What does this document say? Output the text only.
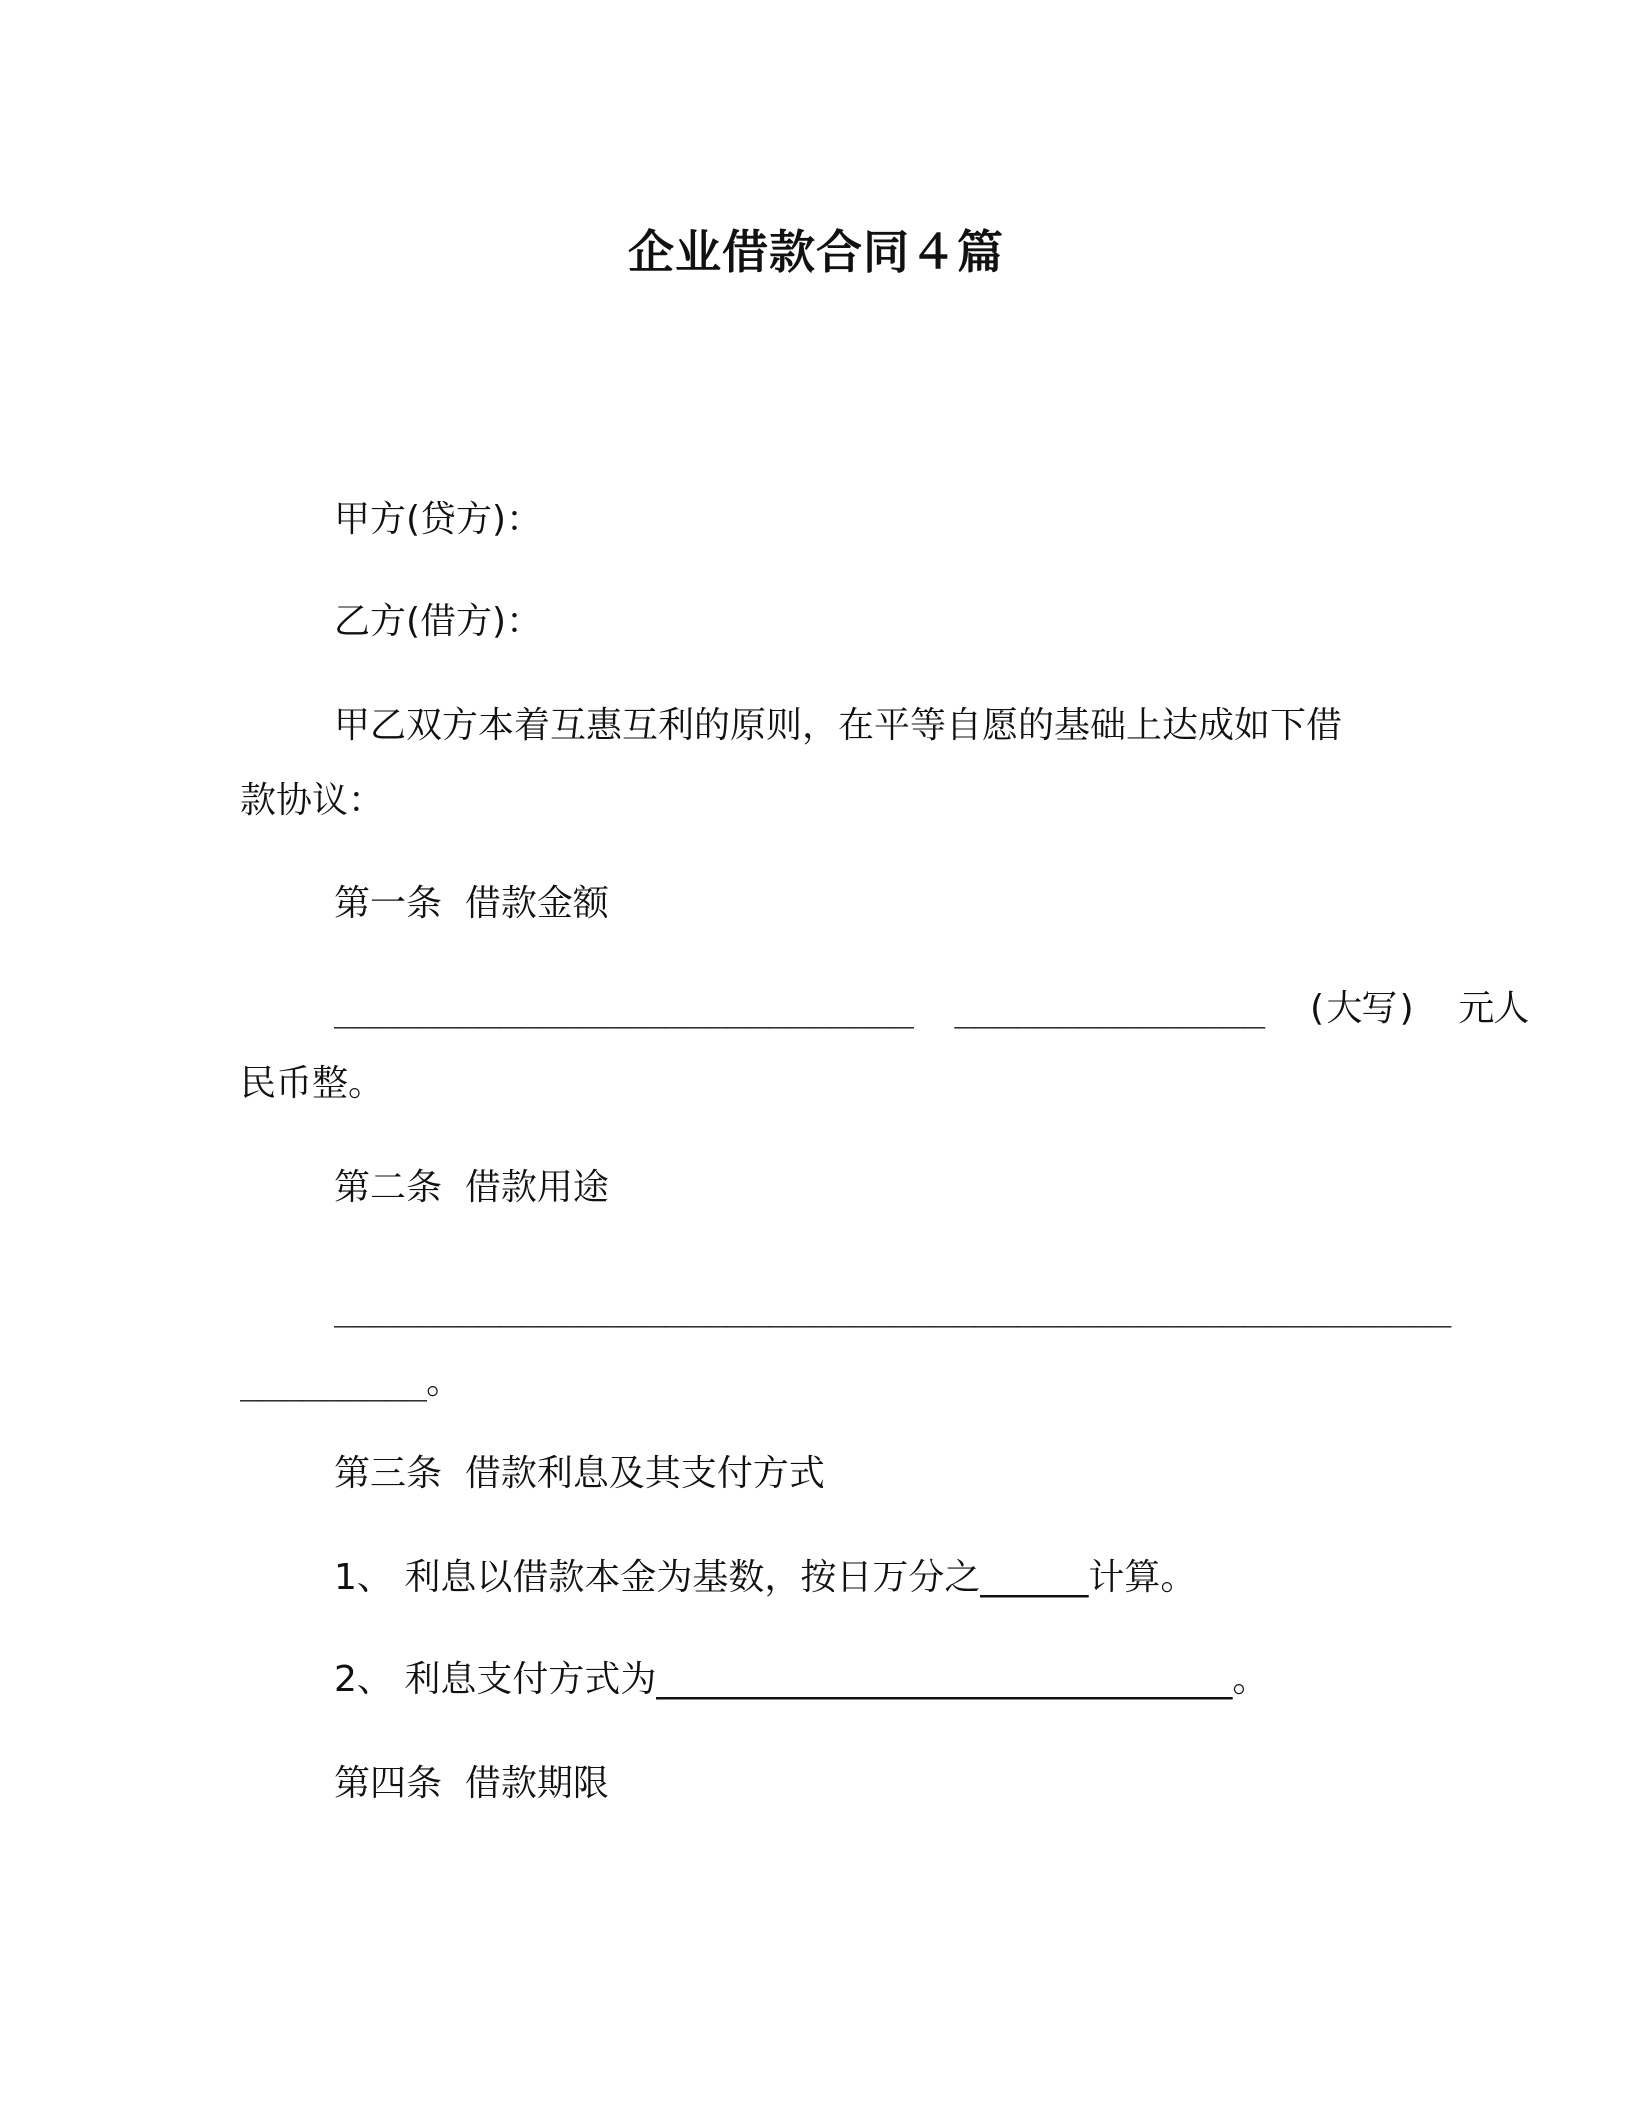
企业借款合同４篇
甲方(贷方)：
乙方(借方)：
甲乙双方本着互惠互利的原则，在平等自愿的基础上达成如下借
款协议：
第一条  借款金额
____________________________  _______________  (大写)  元人
民币整。
第二条  借款用途
______________________________________________________
_________。
第三条  借款利息及其支付方式
1、 利息以借款本金为基数，按日万分之______计算。
2、 利息支付方式为________________________________。
第四条  借款期限
